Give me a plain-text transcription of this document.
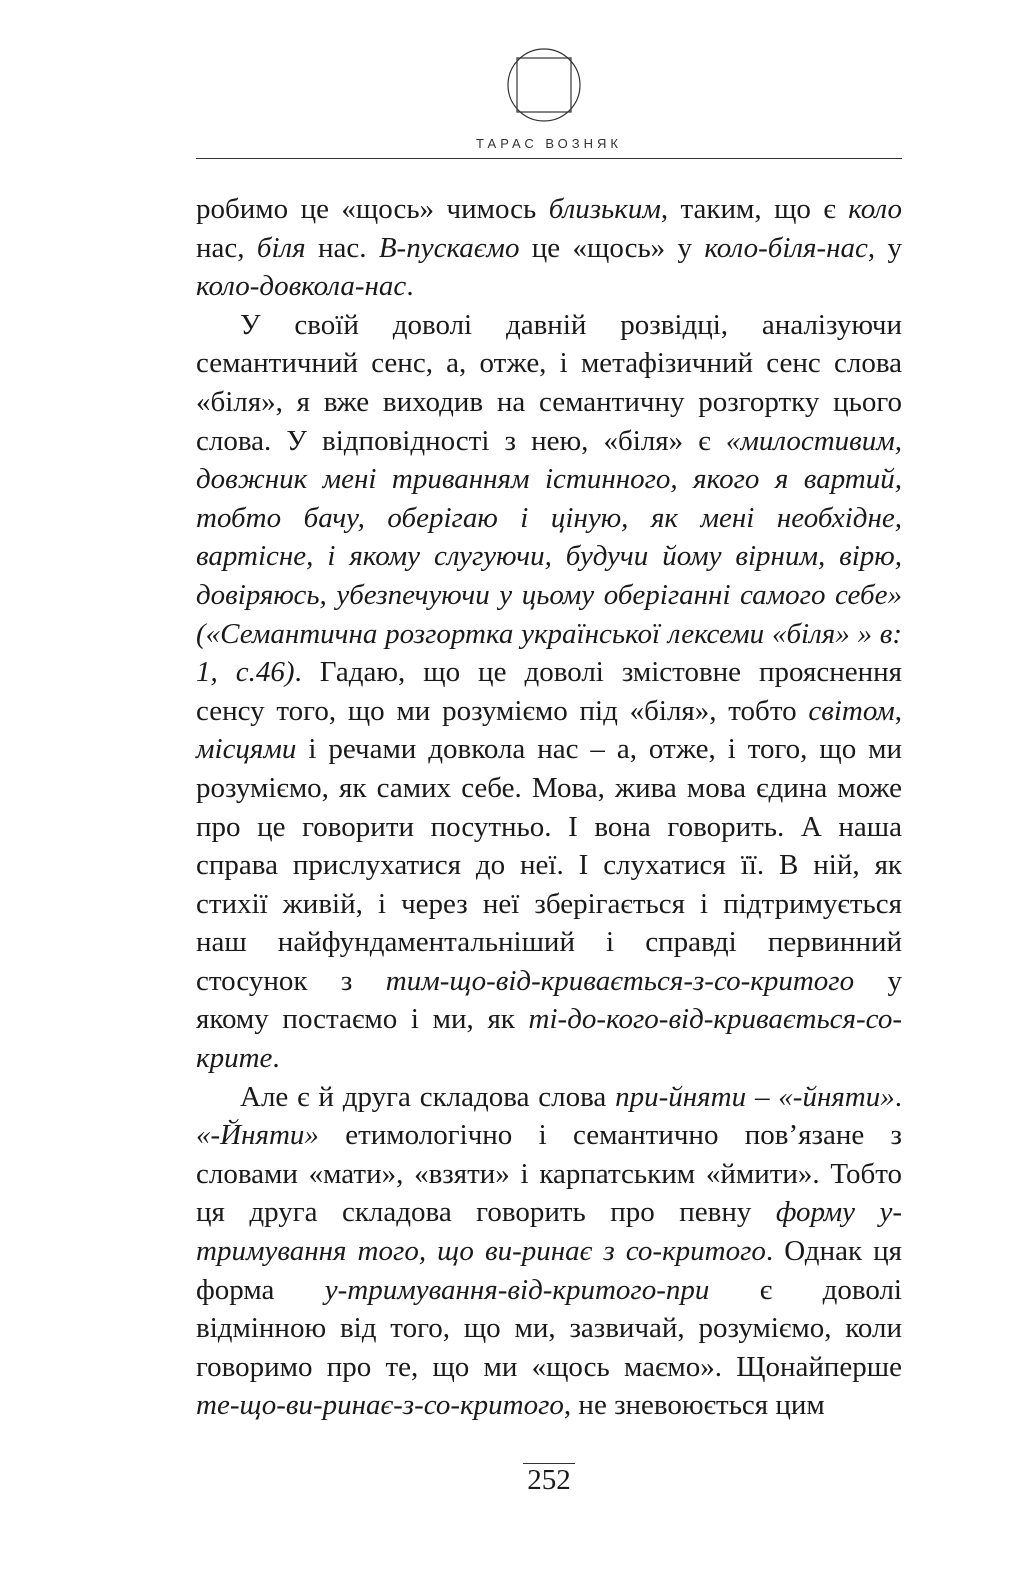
ТАРАС ВОЗНЯК

робимо це «щось» чимось близьким, таким, що є коло нас, біля нас. В-пускаємо це «щось» у коло-біля-нас, у коло-довкола-нас.

У своїй доволі давній розвідці, аналізуючи семантичний сенс, а, отже, і метафізичний сенс слова «біля», я вже виходив на семантичну розгортку цього слова. У відповідності з нею, «біля» є «милостивим, довжник мені триванням істинного, якого я вартий, тобто бачу, оберігаю і ціную, як мені необхідне, вартісне, і якому слугуючи, будучи йому вірним, вірю, довіряюсь, убезпечуючи у цьому оберіганні самого себе» («Семантична розгортка української лексеми «біля» » в: 1, с.46). Гадаю, що це доволі змістовне прояснення сенсу того, що ми розуміємо під «біля», тобто світом, місцями і речами довкола нас – а, отже, і того, що ми розуміємо, як самих себе. Мова, жива мова єдина може про це говорити посутньо. І вона говорить. А наша справа прислухатися до неї. І слухатися її. В ній, як стихії живій, і через неї зберігається і підтримується наш найфундаментальніший і справді первинний стосунок з тим-що-від-кривається-з-со-критого у якому постаємо і ми, як ті-до-кого-від-кривається-со-крите.

Але є й друга складова слова при-йняти – «-йняти». «-Йняти» етимологічно і семантично пов’язане з словами «мати», «взяти» і карпатським «ймити». Тобто ця друга складова говорить про певну форму у-тримування того, що ви-ринає з со-критого. Однак ця форма у-тримування-від-критого-при є доволі відмінною від того, що ми, зазвичай, розуміємо, коли говоримо про те, що ми «щось маємо». Щонайперше те-що-ви-ринає-з-со-критого, не зневоюється цим

252
